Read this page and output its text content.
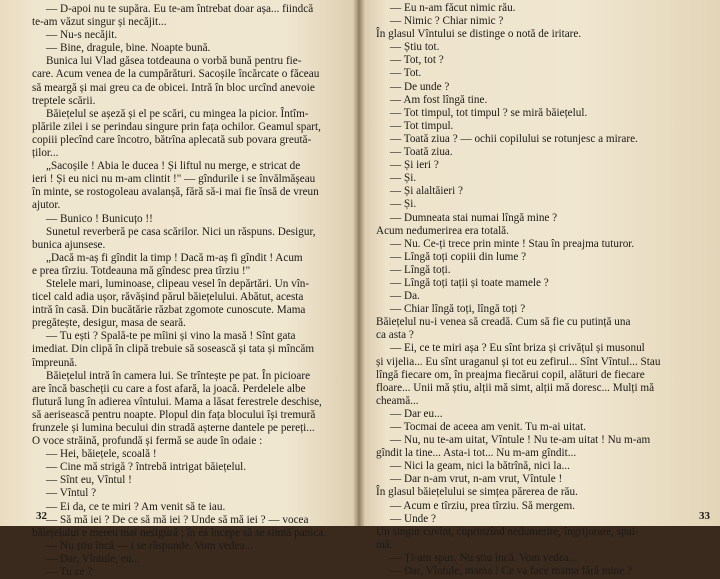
— D-apoi nu te supăra. Eu te-am întrebat doar așa... fiindcă
te-am văzut singur și necăjit...
— Nu-s necăjit.
— Bine, dragule, bine. Noapte bună.
Bunica lui Vlad găsea totdeauna o vorbă bună pentru fie-
care. Acum venea de la cumpărături. Sacoșile încărcate o făceau
să meargă și mai greu ca de obicei. Intră în bloc urcînd anevoie
treptele scării.
Băiețelul se așeză și el pe scări, cu mingea la picior. Întîm-
plările zilei i se perindau singure prin fața ochilor. Geamul spart,
copiii plecînd care încotro, bătrîna aplecată sub povara greută-
ților...
„Sacoșile ! Abia le ducea ! Și liftul nu merge, e stricat de
ieri ! Și eu nici nu m-am clintit !" — gîndurile i se învălmășeau
în minte, se rostogoleau avalanșă, fără să-i mai fie însă de vreun
ajutor.
— Bunico ! Bunicuțo !!
Sunetul reverberă pe casa scărilor. Nici un răspuns. Desigur,
bunica ajunsese.
„Dacă m-aș fi gîndit la timp ! Dacă m-aș fi gîndit ! Acum
e prea tîrziu. Totdeauna mă gîndesc prea tîrziu !"
Stelele mari, luminoase, clipeau vesel în depărtări. Un vîn-
ticel cald adia ușor, răvășind părul băiețelului. Abătut, acesta
intră în casă. Din bucătărie răzbat zgomote cunoscute. Mama
pregătește, desigur, masa de seară.
— Tu ești ? Spală-te pe mîini și vino la masă ! Sînt gata
imediat. Din clipă în clipă trebuie să sosească și tata și mîncăm
împreună.
Băiețelul intră în camera lui. Se trîntește pe pat. În picioare
are încă bascheții cu care a fost afară, la joacă. Perdelele albe
flutură lung în adierea vîntului. Mama a lăsat ferestrele deschise,
să aerisească pentru noapte. Plopul din fața blocului își tremură
frunzele și lumina becului din stradă așterne dantele pe pereți...
O voce străină, profundă și fermă se aude în odaie :
— Hei, băiețele, scoală !
— Cine mă strigă ? întrebă intrigat băiețelul.
— Sînt eu, Vîntul !
— Vîntul ?
— Ei da, ce te miri ? Am venit să te iau.
— Să mă iei ? De ce să mă iei ? Unde să mă iei ? — vocea
băiețelului e mereu mai nesigură ; în ea începe să se simtă panica.
— Nu știu încă — i se răspunde. Vom vedea...
— Dar, Vîntule, eu...
— Tu ce ?
32
— Eu n-am făcut nimic rău.
— Nimic ? Chiar nimic ?
În glasul Vîntului se distinge o notă de iritare.
— Știu tot.
— Tot, tot ?
— Tot.
— De unde ?
— Am fost lîngă tine.
— Tot timpul, tot timpul ? se miră băiețelul.
— Tot timpul.
— Toată ziua ? — ochii copilului se rotunjesc a mirare.
— Toată ziua.
— Și ieri ?
— Și.
— Și alaltăieri ?
— Și.
— Dumneata stai numai lîngă mine ?
Acum nedumerirea era totală.
— Nu. Ce-ți trece prin minte ! Stau în preajma tuturor.
— Lîngă toți copiii din lume ?
— Lîngă toți.
— Lîngă toți tații și toate mamele ?
— Da.
— Chiar lîngă toți, lîngă toți ?
Băiețelul nu-i venea să creadă. Cum să fie cu putință una
ca asta ?
— Ei, ce te miri așa ? Eu sînt briza și crivățul și musonul
și vijelia... Eu sînt uraganul și tot eu zefirul... Sînt Vîntul... Stau
lîngă fiecare om, în preajma fiecărui copil, alături de fiecare
floare... Unii mă știu, alții mă simt, alții mă doresc... Mulți mă
cheamă...
— Dar eu...
— Tocmai de aceea am venit. Tu m-ai uitat.
— Nu, nu te-am uitat, Vîntule ! Nu te-am uitat ! Nu m-am
gîndit la tine... Asta-i tot... Nu m-am gîndit...
— Nici la geam, nici la bătrînă, nici la...
— Dar n-am vrut, n-am vrut, Vîntule !
În glasul băiețelului se simțea părerea de rău.
— Acum e tîrziu, prea tîrziu. Să mergem.
— Unde ?
Un singur cuvînt, cuprinzînd nedumerire, îngrijorare, spai-
mă.
— Ți-am spus. Nu știu încă. Vom vedea...
— Dar, Vîntule, mama ! Ce va face mama fără mine ?
33
